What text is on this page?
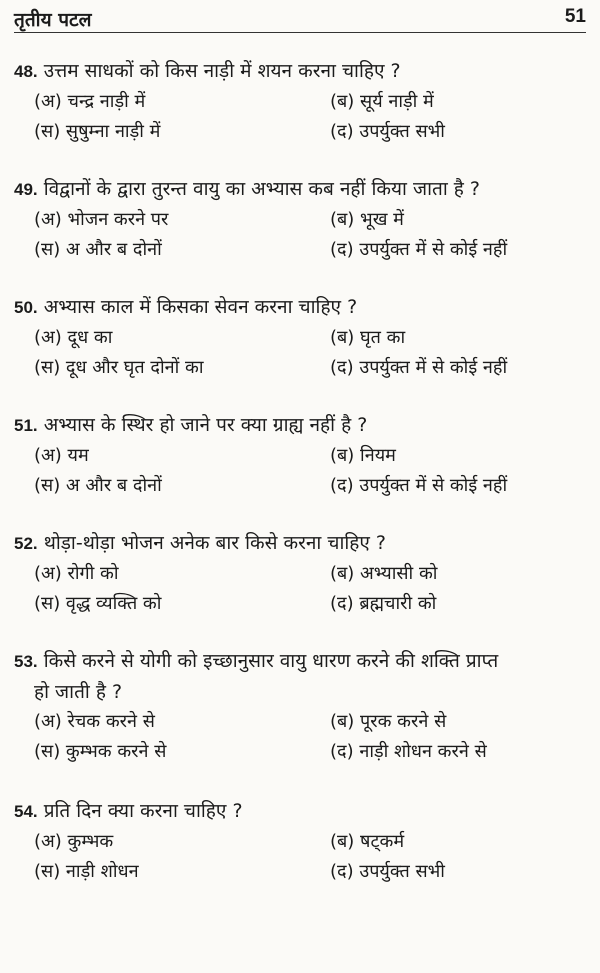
तृतीय पटल	51
48. उत्तम साधकों को किस नाड़ी में शयन करना चाहिए ?
(अ) चन्द्र नाड़ी में	(ब) सूर्य नाड़ी में
(स) सुषुम्ना नाड़ी में	(द) उपर्युक्त सभी
49. विद्वानों के द्वारा तुरन्त वायु का अभ्यास कब नहीं किया जाता है ?
(अ) भोजन करने पर	(ब) भूख में
(स) अ और ब दोनों	(द) उपर्युक्त में से कोई नहीं
50. अभ्यास काल में किसका सेवन करना चाहिए ?
(अ) दूध का	(ब) घृत का
(स) दूध और घृत दोनों का	(द) उपर्युक्त में से कोई नहीं
51. अभ्यास के स्थिर हो जाने पर क्या ग्राह्य नहीं है ?
(अ) यम	(ब) नियम
(स) अ और ब दोनों	(द) उपर्युक्त में से कोई नहीं
52. थोड़ा-थोड़ा भोजन अनेक बार किसे करना चाहिए ?
(अ) रोगी को	(ब) अभ्यासी को
(स) वृद्ध व्यक्ति को	(द) ब्रह्मचारी को
53. किसे करने से योगी को इच्छानुसार वायु धारण करने की शक्ति प्राप्त
हो जाती है ?
(अ) रेचक करने से	(ब) पूरक करने से
(स) कुम्भक करने से	(द) नाड़ी शोधन करने से
54. प्रति दिन क्या करना चाहिए ?
(अ) कुम्भक	(ब) षट्कर्म
(स) नाड़ी शोधन	(द) उपर्युक्त सभी
